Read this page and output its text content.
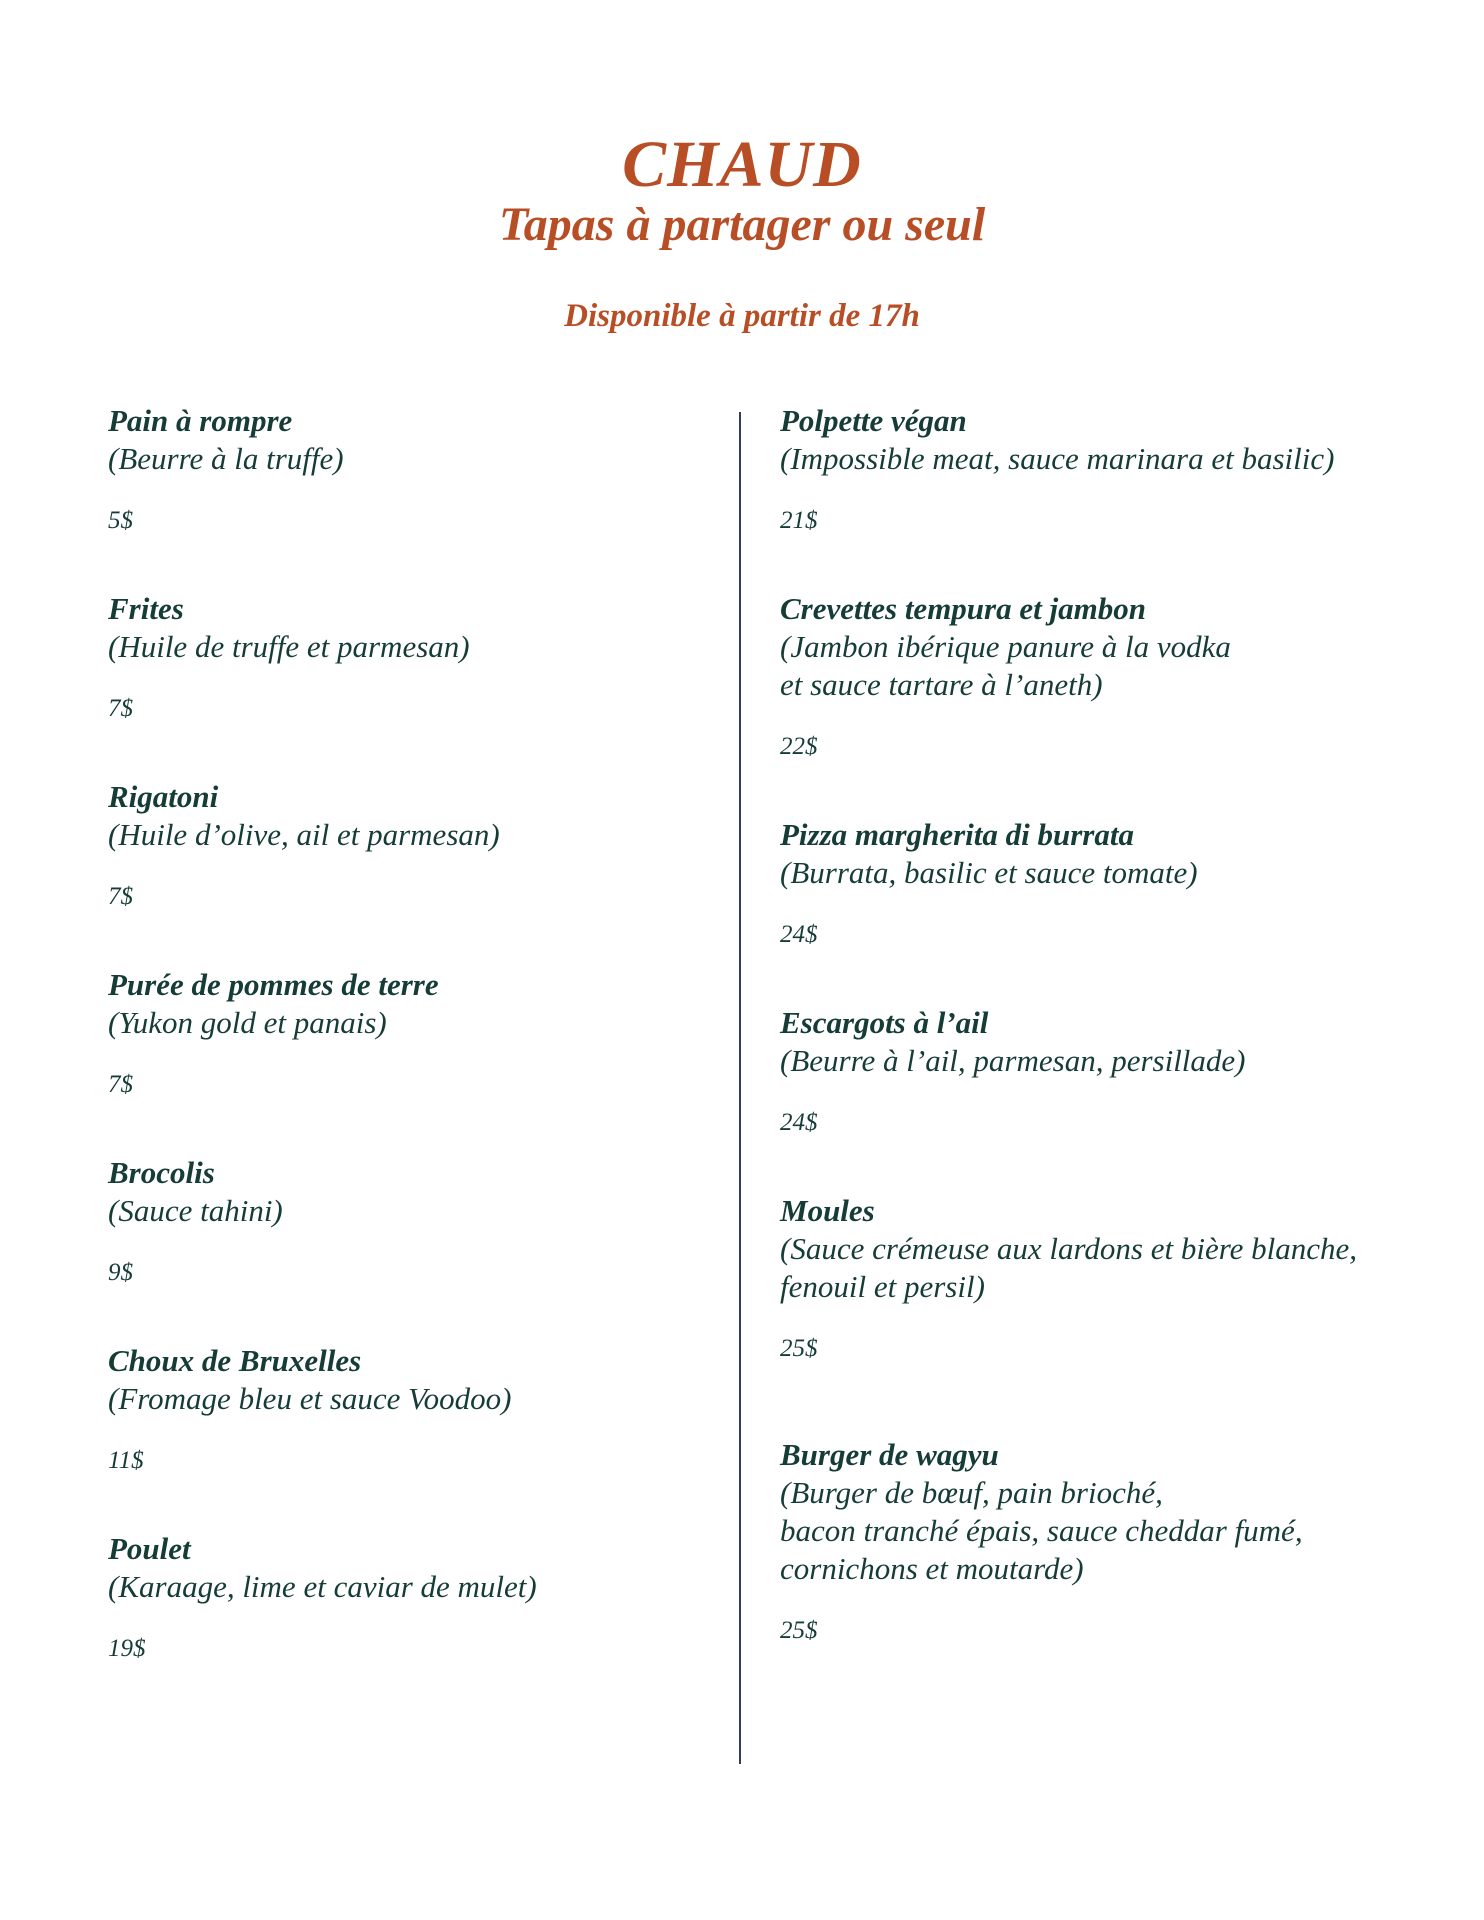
CHAUD
Tapas à partager ou seul
Disponible à partir de 17h
Pain à rompre
(Beurre à la truffe)
5$
Frites
(Huile de truffe et parmesan)
7$
Rigatoni
(Huile d’olive, ail et parmesan)
7$
Purée de pommes de terre
(Yukon gold et panais)
7$
Brocolis
(Sauce tahini)
9$
Choux de Bruxelles
(Fromage bleu et sauce Voodoo)
11$
Poulet
(Karaage, lime et caviar de mulet)
19$
Polpette végan
(Impossible meat, sauce marinara et basilic)
21$
Crevettes tempura et jambon
(Jambon ibérique panure à la vodka
et sauce tartare à l’aneth)
22$
Pizza margherita di burrata
(Burrata, basilic et sauce tomate)
24$
Escargots à l’ail
(Beurre à l’ail, parmesan, persillade)
24$
Moules
(Sauce crémeuse aux lardons et bière blanche,
fenouil et persil)
25$
Burger de wagyu
(Burger de bœuf, pain brioché,
bacon tranché épais, sauce cheddar fumé,
cornichons et moutarde)
25$
